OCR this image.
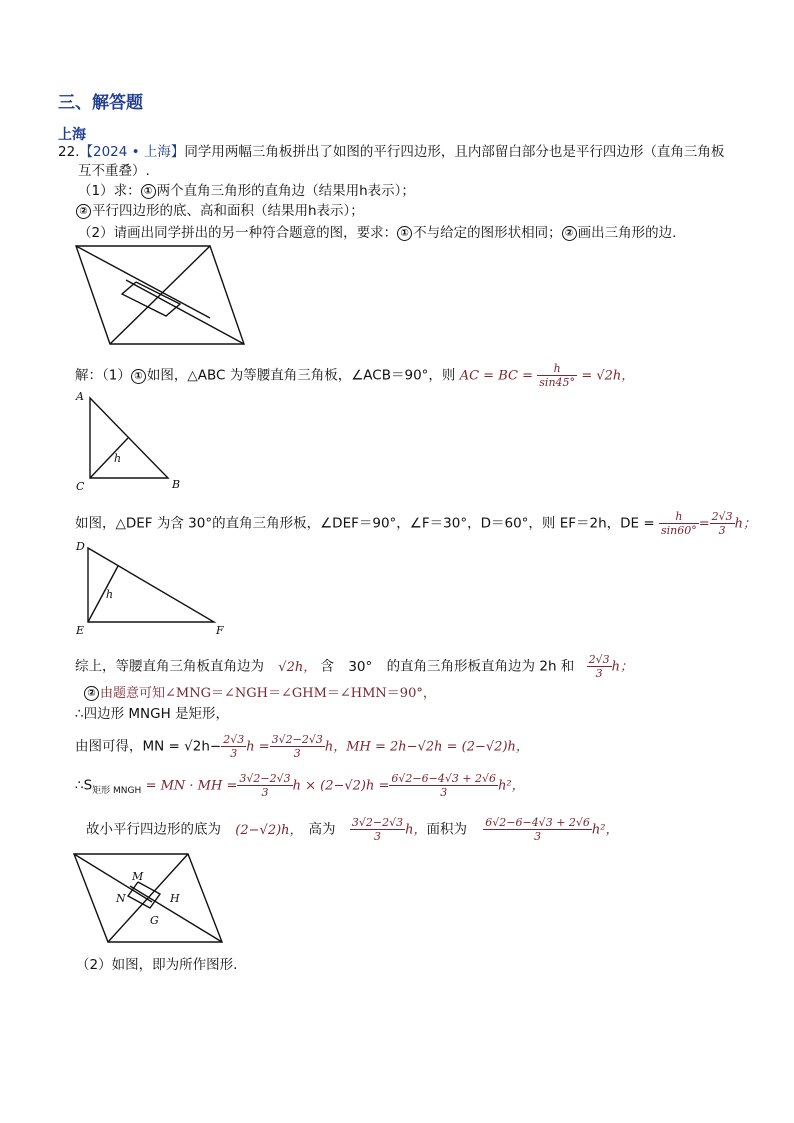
三、解答题
上海
22.【2024 • 上海】同学用两幅三角板拼出了如图的平行四边形，且内部留白部分也是平行四边形（直角三角板
互不重叠）.
（1）求： ① 两个直角三角形的直角边（结果用h表示）；
② 平行四边形的底、高和面积（结果用h表示）；
（2）请画出同学拼出的另一种符合题意的图，要求： ① 不与给定的图形状相同； ② 画出三角形的边.
解：（1） ① 如图，△ABC 为等腰直角三角板，∠ACB＝90°，则 AC = BC = $\frac{h}{\sin 45^\circ} = √2h$，
A
C	B
h
如图，△DEF 为含 30°的直角三角形板，∠DEF＝90°，∠F＝30°，D＝60°，则 EF＝2h，DE = $\frac{h}{\sin 60^\circ} = \frac{2√3}{3}$ h；
D
E	F
h
综上，等腰直角三角板直角边为 √2h， 含 30° 的直角三角形板直角边为 2h 和 $\frac{2√3}{3}$ h；
② 由题意可知∠MNG＝∠NGH＝∠GHM＝∠HMN＝90°，
∴四边形 MNGH 是矩形，
由图可得，MN = $√2h- \frac{2√3}{3}$ $h = \frac{3√2-2√3}{3}$ h，MH = 2h−√2h = (2−√2)h，
$\therefore S_{矩形 MNGH}$ = MN · MH = $\frac{3√2-2√3}{3}$ $h \times (2-√2)h = \frac{6√2-6-4√3 + 2√6}{3} h^2$，
故小平行四边形的底为 (2−√2)h， 高为 $\frac{3√2-2√3}{3}$ h，面积为 $\frac{6√2-6-4√3 + 2√6}{3} h^2$，
M
N	H
G
（2）如图，即为所作图形.
